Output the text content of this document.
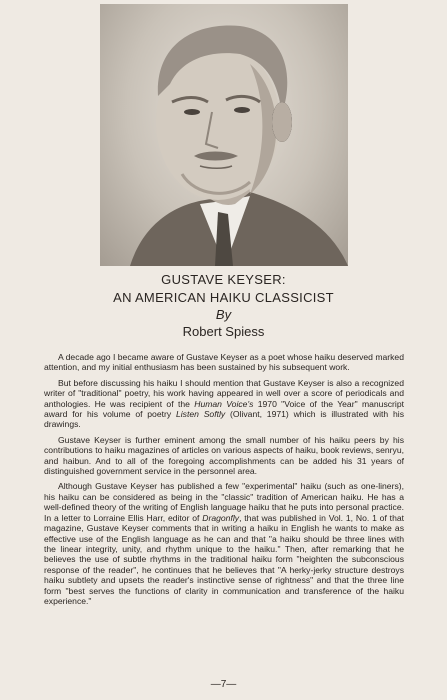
GUSTAVE KEYSER:
AN AMERICAN HAIKU CLASSICIST
By
Robert Spiess

A decade ago I became aware of Gustave Keyser as a poet whose haiku deserved marked attention, and my initial enthusiasm has been sustained by his subsequent work.

But before discussing his haiku I should mention that Gustave Keyser is also a recognized writer of "traditional" poetry, his work having appeared in well over a score of periodicals and anthologies. He was recipient of the Human Voice's 1970 "Voice of the Year" manuscript award for his volume of poetry Listen Softly (Olivant, 1971) which is illustrated with his drawings.

Gustave Keyser is further eminent among the small number of his haiku peers by his contributions to haiku magazines of articles on various aspects of haiku, book reviews, senryu, and haibun. And to all of the foregoing accomplishments can be added his 31 years of distinguished government service in the personnel area.

Although Gustave Keyser has published a few "experimental" haiku (such as one-liners), his haiku can be considered as being in the "classic" tradition of American haiku. He has a well-defined theory of the writing of English language haiku that he puts into personal practice. In a letter to Lorraine Ellis Harr, editor of Dragonfly, that was published in Vol. 1, No. 1 of that magazine, Gustave Keyser comments that in writing a haiku in English he wants to make as effective use of the English language as he can and that "a haiku should be three lines with the linear integrity, unity, and rhythm unique to the haiku." Then, after remarking that he believes the use of subtle rhythms in the traditional haiku form "heighten the subconscious response of the reader", he continues that he believes that "A herky-jerky structure destroys haiku subtlety and upsets the reader's instinctive sense of rightness" and that the three line form "best serves the functions of clarity in communication and transference of the haiku experience."

—7—
